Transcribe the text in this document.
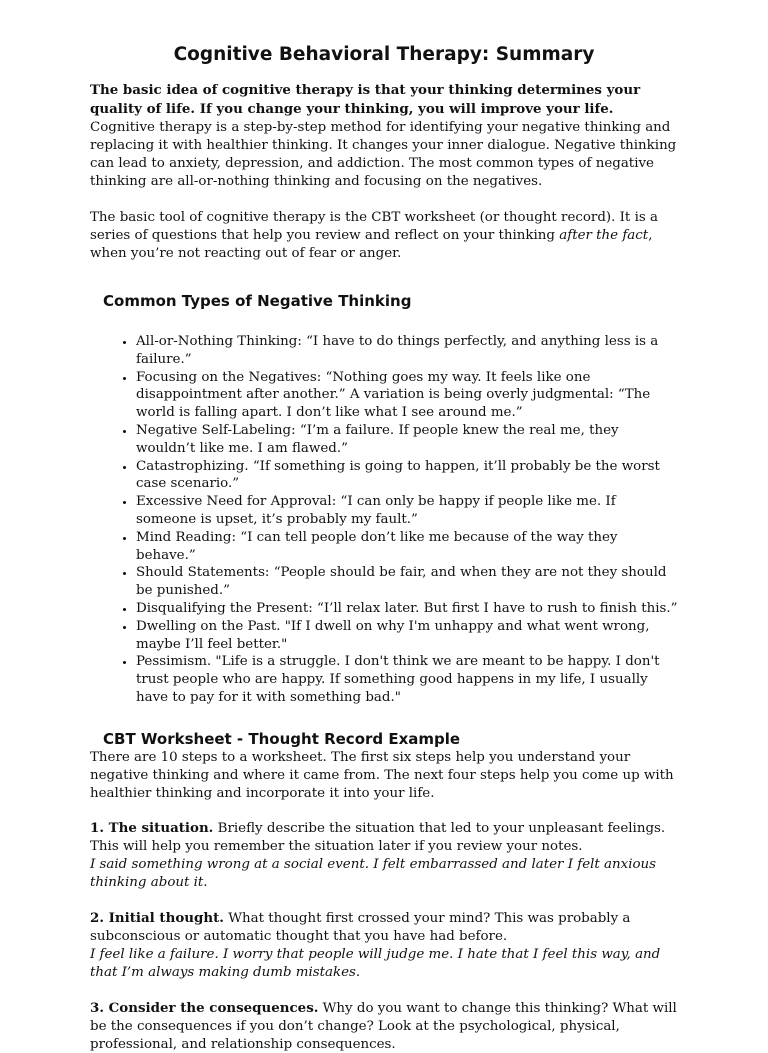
Cognitive Behavioral Therapy: Summary

The basic idea of cognitive therapy is that your thinking determines your quality of life. If you change your thinking, you will improve your life. Cognitive therapy is a step-by-step method for identifying your negative thinking and replacing it with healthier thinking. It changes your inner dialogue. Negative thinking can lead to anxiety, depression, and addiction. The most common types of negative thinking are all-or-nothing thinking and focusing on the negatives.

The basic tool of cognitive therapy is the CBT worksheet (or thought record). It is a series of questions that help you review and reflect on your thinking after the fact, when you’re not reacting out of fear or anger.

Common Types of Negative Thinking
• All-or-Nothing Thinking: “I have to do things perfectly, and anything less is a failure.”
• Focusing on the Negatives: “Nothing goes my way. It feels like one disappointment after another.” A variation is being overly judgmental: “The world is falling apart. I don’t like what I see around me.”
• Negative Self-Labeling: “I’m a failure. If people knew the real me, they wouldn’t like me. I am flawed.”
• Catastrophizing. “If something is going to happen, it’ll probably be the worst case scenario.”
• Excessive Need for Approval: “I can only be happy if people like me. If someone is upset, it’s probably my fault.”
• Mind Reading: “I can tell people don’t like me because of the way they behave.”
• Should Statements: “People should be fair, and when they are not they should be punished.”
• Disqualifying the Present: “I’ll relax later. But first I have to rush to finish this.”
• Dwelling on the Past. "If I dwell on why I'm unhappy and what went wrong, maybe I’ll feel better."
• Pessimism. "Life is a struggle. I don't think we are meant to be happy. I don't trust people who are happy. If something good happens in my life, I usually have to pay for it with something bad."
CBT Worksheet - Thought Record Example

There are 10 steps to a worksheet. The first six steps help you understand your negative thinking and where it came from. The next four steps help you come up with healthier thinking and incorporate it into your life.

1. The situation. Briefly describe the situation that led to your unpleasant feelings. This will help you remember the situation later if you review your notes.

I said something wrong at a social event. I felt embarrassed and later I felt anxious thinking about it.

2. Initial thought. What thought first crossed your mind? This was probably a subconscious or automatic thought that you have had before.

I feel like a failure. I worry that people will judge me. I hate that I feel this way, and that I’m always making dumb mistakes.

3. Consider the consequences. Why do you want to change this thinking? What will be the consequences if you don’t change? Look at the psychological, physical, professional, and relationship consequences.
